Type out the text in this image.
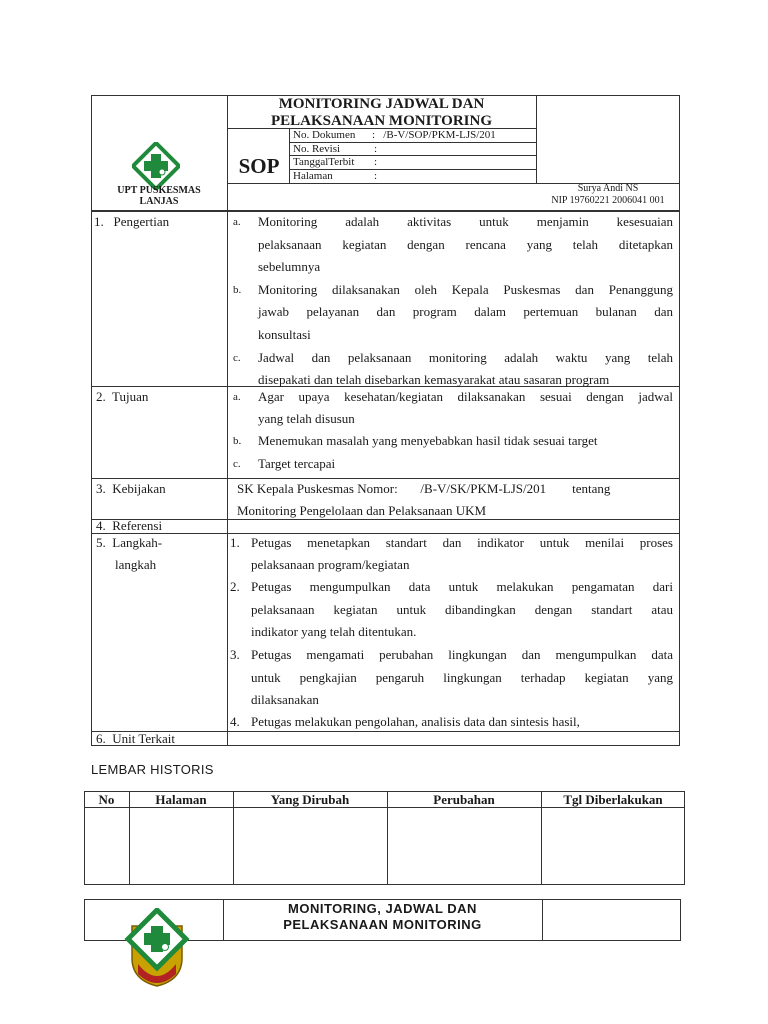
MONITORING JADWAL DAN
PELAKSANAAN MONITORING
SOP
No. Dokumen :   /B-V/SOP/PKM-LJS/201
No. Revisi	:
TanggalTerbit :
Halaman	:
Surya Andi NS
NIP 19760221 2006041 001
UPT PUSKESMAS
LANJAS
1.   Pengertian	a. Monitoring adalah aktivitas untuk menjamin kesesuaian
pelaksanaan kegiatan dengan rencana yang telah ditetapkan
sebelumnya
b. Monitoring dilaksanakan oleh Kepala Puskesmas dan Penanggung
jawab pelayanan dan program dalam pertemuan bulanan dan
konsultasi
c. Jadwal dan pelaksanaan monitoring adalah waktu yang telah
disepakati dan telah disebarkan kemasyarakat atau sasaran program
2.  Tujuan	a. Agar upaya kesehatan/kegiatan dilaksanakan sesuai dengan jadwal
yang telah disusun
b. Menemukan masalah yang menyebabkan hasil tidak sesuai target
c. Target tercapai
3.  Kebijakan	SK Kepala Puskesmas Nomor:       /B-V/SK/PKM-LJS/201        tentang
Monitoring Pengelolaan dan Pelaksanaan UKM
4.  Referensi
5.  Langkah-
langkah
1. Petugas menetapkan standart dan indikator untuk menilai proses
pelaksanaan program/kegiatan
2. Petugas mengumpulkan data untuk melakukan pengamatan dari
pelaksanaan kegiatan untuk dibandingkan dengan standart atau
indikator yang telah ditentukan.
3. Petugas mengamati perubahan lingkungan dan mengumpulkan data
untuk pengkajian pengaruh lingkungan terhadap kegiatan yang
dilaksanakan
4. Petugas melakukan pengolahan, analisis data dan sintesis hasil,
6.  Unit Terkait
LEMBAR HISTORIS
No	Halaman	Yang Dirubah	Perubahan	Tgl Diberlakukan
MONITORING, JADWAL DAN
PELAKSANAAN MONITORING
